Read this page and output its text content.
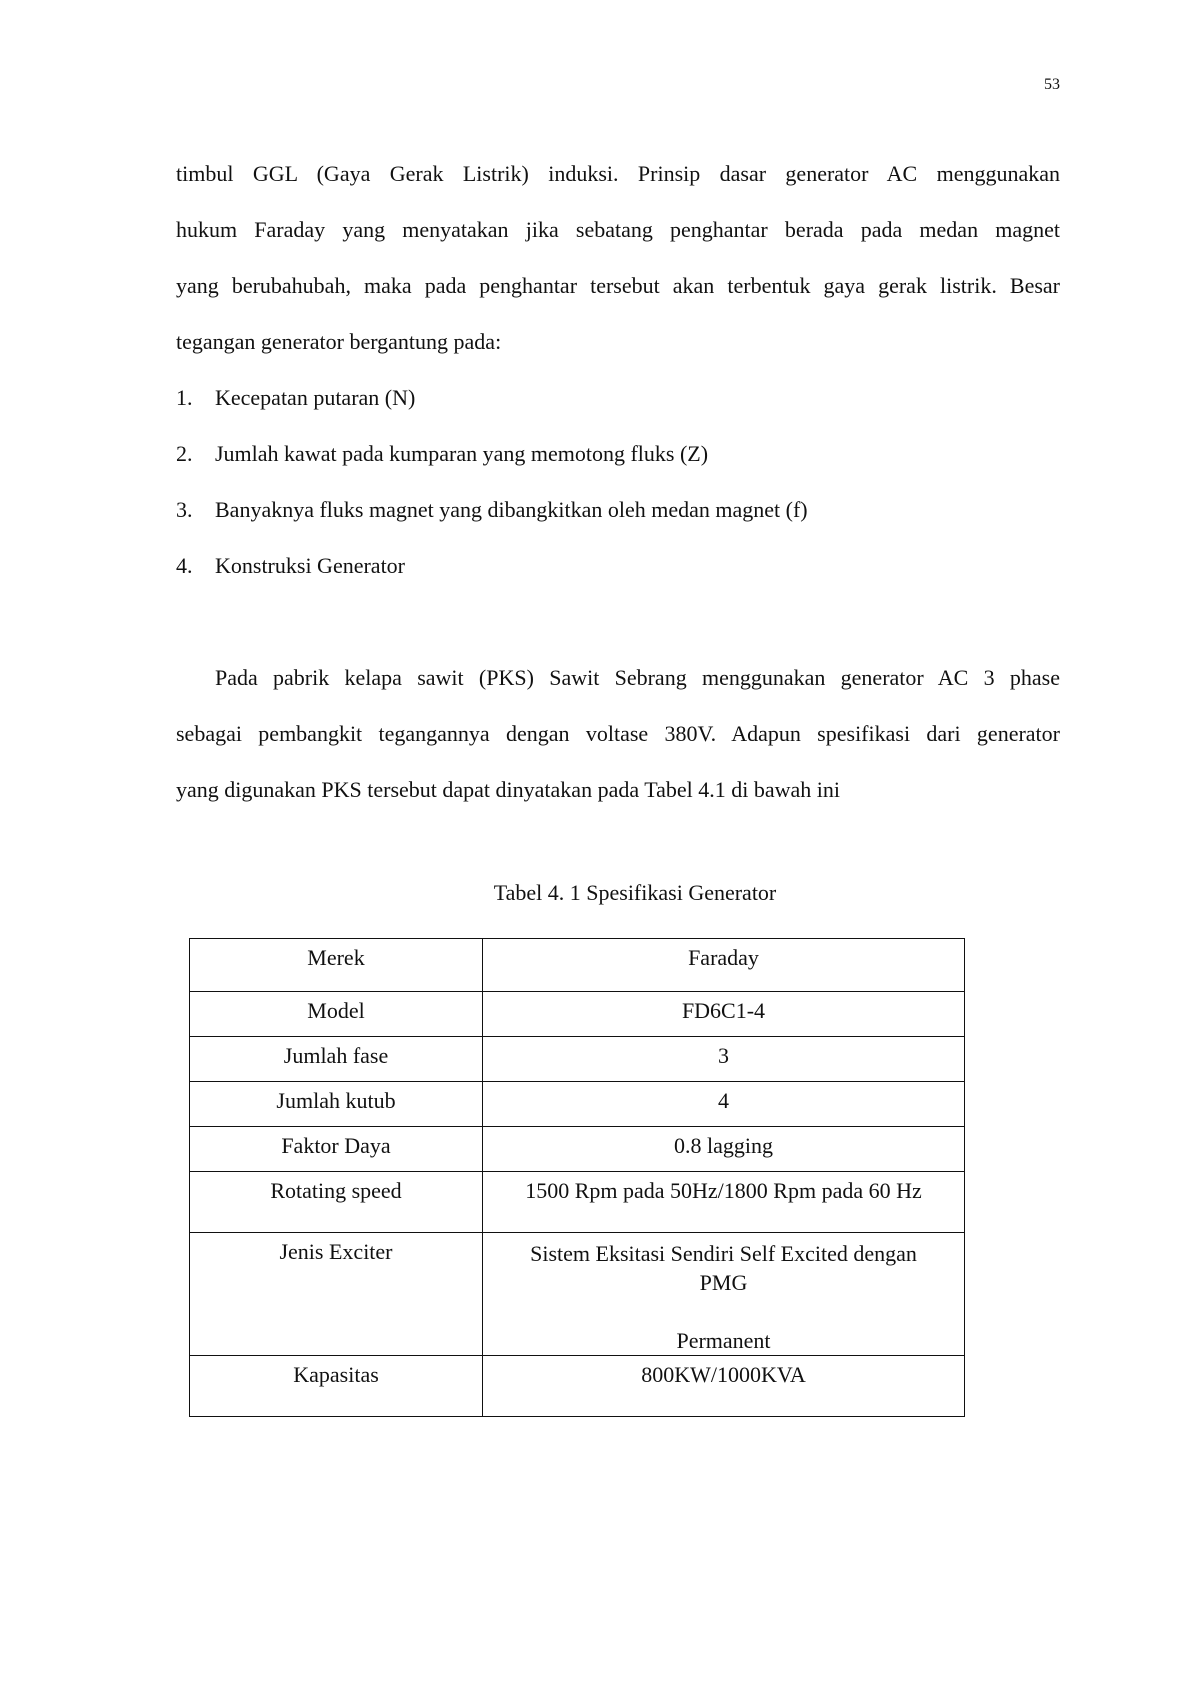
53

timbul GGL (Gaya Gerak Listrik) induksi. Prinsip dasar generator AC menggunakan
hukum Faraday yang menyatakan jika sebatang penghantar berada pada medan magnet
yang berubahubah, maka pada penghantar tersebut akan terbentuk gaya gerak listrik. Besar
tegangan generator bergantung pada:

1.	Kecepatan putaran (N)
2.	Jumlah kawat pada kumparan yang memotong fluks (Z)
3.	Banyaknya fluks magnet yang dibangkitkan oleh medan magnet (f)
4.	Konstruksi Generator

Pada pabrik kelapa sawit (PKS) Sawit Sebrang menggunakan generator AC 3 phase
sebagai pembangkit tegangannya dengan voltase 380V. Adapun spesifikasi dari generator
yang digunakan PKS tersebut dapat dinyatakan pada Tabel 4.1 di bawah ini

Tabel 4. 1 Spesifikasi Generator
Merek	Faraday
Model	FD6C1-4
Jumlah fase	3
Jumlah kutub	4
Faktor Daya	0.8 lagging
Rotating speed	1500 Rpm pada 50Hz/1800 Rpm pada 60 Hz
Jenis Exciter	Sistem Eksitasi Sendiri Self Excited dengan
PMG
Permanent

Kapasitas	800KW/1000KVA
